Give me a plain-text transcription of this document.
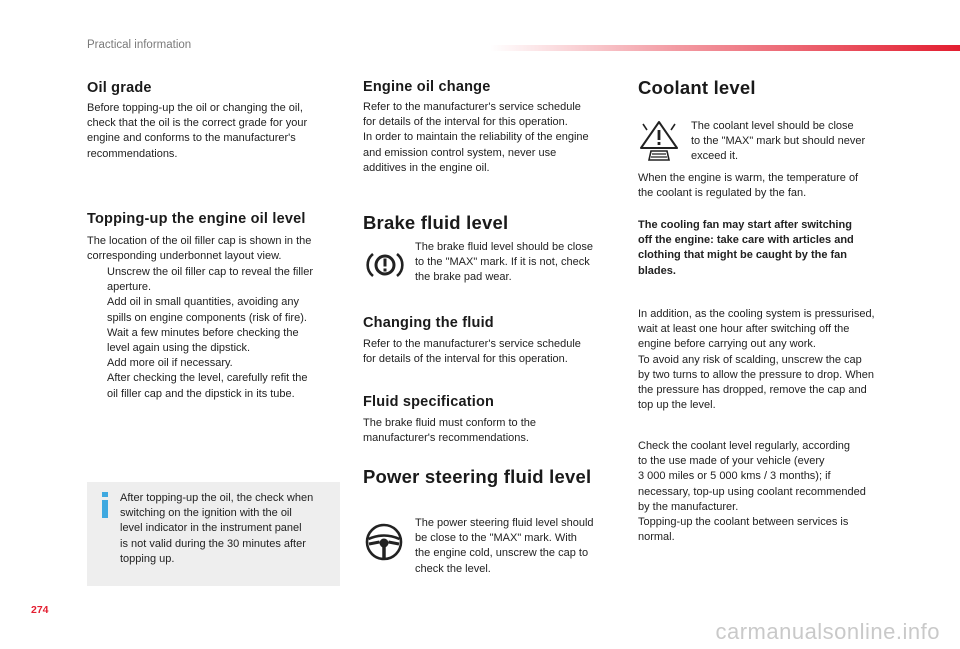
Practical information
Oil grade

Before topping-up the oil or changing the oil,
check that the oil is the correct grade for your
engine and conforms to the manufacturer's
recommendations.

Topping-up the engine oil level

The location of the oil filler cap is shown in the
corresponding underbonnet layout view.

Unscrew the oil filler cap to reveal the filler
aperture.
Add oil in small quantities, avoiding any
spills on engine components (risk of fire).
Wait a few minutes before checking the
level again using the dipstick.
Add more oil if necessary.
After checking the level, carefully refit the
oil filler cap and the dipstick in its tube.

After topping-up the oil, the check when
switching on the ignition with the oil
level indicator in the instrument panel
is not valid during the 30 minutes after
topping up.

Engine oil change

Refer to the manufacturer's service schedule
for details of the interval for this operation.
In order to maintain the reliability of the engine
and emission control system, never use
additives in the engine oil.

Brake fluid level

The brake fluid level should be close
to the "MAX" mark. If it is not, check
the brake pad wear.

Changing the fluid

Refer to the manufacturer's service schedule
for details of the interval for this operation.

Fluid specification

The brake fluid must conform to the
manufacturer's recommendations.

Power steering fluid level

The power steering fluid level should
be close to the "MAX" mark. With
the engine cold, unscrew the cap to
check the level.

Coolant level

The coolant level should be close
to the "MAX" mark but should never
exceed it.

When the engine is warm, the temperature of
the coolant is regulated by the fan.

The cooling fan may start after switching
off the engine: take care with articles and
clothing that might be caught by the fan
blades.

In addition, as the cooling system is pressurised,
wait at least one hour after switching off the
engine before carrying out any work.
To avoid any risk of scalding, unscrew the cap
by two turns to allow the pressure to drop. When
the pressure has dropped, remove the cap and
top up the level.

Check the coolant level regularly, according
to the use made of your vehicle (every
3 000 miles or 5 000 kms / 3 months); if
necessary, top-up using coolant recommended
by the manufacturer.
Topping-up the coolant between services is
normal.

274
carmanualsonline.info
